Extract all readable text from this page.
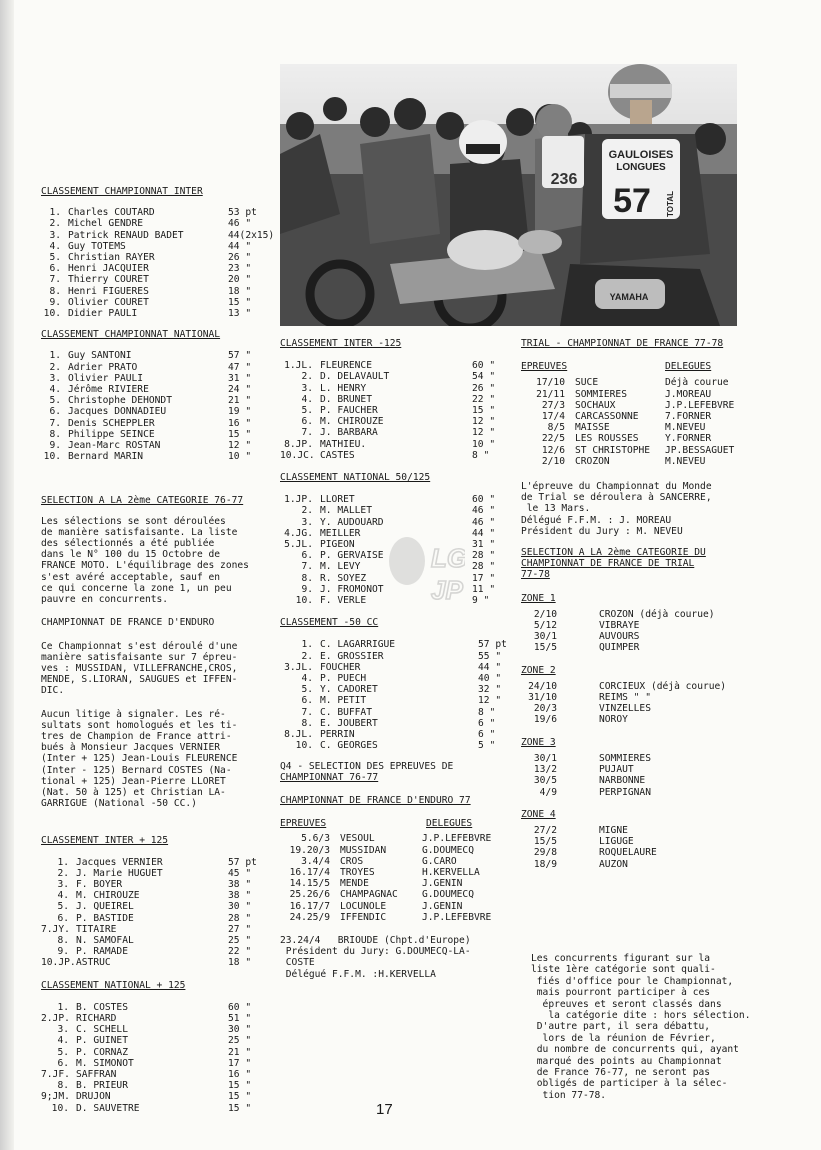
GAULOISES
LONGUES
57 TOTAL
236
YAMAHA
LG
JP
CLASSEMENT CHAMPIONNAT INTER
1. Charles COUTARD	53 pt
2. Michel GENDRE	46 "
3. Patrick RENAUD BADET	44(2x15)
4. Guy TOTEMS	44 "
5. Christian RAYER	26 "
6. Henri JACQUIER	23 "
7. Thierry COURET	20 "
8. Henri FIGUERES	18 "
9. Olivier COURET	15 "
10. Didier PAULI	13 "
CLASSEMENT CHAMPIONNAT NATIONAL
1. Guy SANTONI	57 "
2. Adrier PRATO	47 "
3. Olivier PAULI	31 "
4. Jérôme RIVIERE	24 "
5. Christophe DEHONDT	21 "
6. Jacques DONNADIEU	19 "
7. Denis SCHEPPLER	16 "
8. Philippe SEINCE	15 "
9. Jean-Marc ROSTAN	12 "
10. Bernard MARIN	10 "
SELECTION A LA 2ème CATEGORIE 76-77
Les sélections se sont déroulées
de manière satisfaisante. La liste
des sélectionnés a été publiée
dans le N° 100 du 15 Octobre de
FRANCE MOTO. L'équilibrage des zones
s'est avéré acceptable, sauf en
ce qui concerne la zone 1, un peu
pauvre en concurrents.
CHAMPIONNAT DE FRANCE D'ENDURO
Ce Championnat s'est déroulé d'une
manière satisfaisante sur 7 épreu-
ves : MUSSIDAN, VILLEFRANCHE,CROS,
MENDE, S.LIORAN, SAUGUES et IFFEN-
DIC.
Aucun litige à signaler. Les ré-
sultats sont homologués et les ti-
tres de Champion de France attri-
bués à Monsieur Jacques VERNIER
(Inter + 125) Jean-Louis FLEURENCE
(Inter - 125) Bernard COSTES (Na-
tional + 125) Jean-Pierre LLORET
(Nat. 50 à 125) et Christian LA-
GARRIGUE (National -50 CC.)
CLASSEMENT INTER + 125
1. Jacques VERNIER	57 pt
2. J. Marie HUGUET	45 "
3. F. BOYER	38 "
4. M. CHIROUZE	38 "
5. J. QUEIREL	30 "
6. P. BASTIDE	28 "
7.JY. TITAIRE	27 "
8. N. SAMOFAL	25 "
9. P. RAMADE	22 "
10.JP. ASTRUC	18 "
CLASSEMENT NATIONAL + 125
1. B. COSTES	60 "
2.JP. RICHARD	51 "
3. C. SCHELL	30 "
4. P. GUINET	25 "
5. P. CORNAZ	21 "
6. M. SIMONOT	17 "
7.JF. SAFFRAN	16 "
8. B. PRIEUR	15 "
9;JM. DRUJON	15 "
10. D. SAUVETRE	15 "
CLASSEMENT INTER -125
1.JL. FLEURENCE	60 "
2. D. DELAVAULT	54 "
3. L. HENRY	26 "
4. D. BRUNET	22 "
5. P. FAUCHER	15 "
6. M. CHIROUZE	12 "
7. J. BARBARA	12 "
8.JP. MATHIEU.	10 "
10.JC. CASTES	8 "
CLASSEMENT NATIONAL 50/125
1.JP. LLORET	60 "
2. M. MALLET	46 "
3. Y. AUDOUARD	46 "
4.JG. MEILLER	44 "
5.JL. PIGEON	31 "
6. P. GERVAISE	28 "
7. M. LEVY	28 "
8. R. SOYEZ	17 "
9. J. FROMONOT	11 "
10. F. VERLE	9 "
CLASSEMENT -50 CC
1. C. LAGARRIGUE	57 pt
2. E. GROSSIER	55 "
3.JL. FOUCHER	44 "
4. P. PUECH	40 "
5. Y. CADORET	32 "
6. M. PETIT	12 "
7. C. BUFFAT	8 "
8. E. JOUBERT	6 "
8.JL. PERRIN	6 "
10. C. GEORGES	5 "
Q4 - SELECTION DES EPREUVES DE
CHAMPIONNAT 76-77
CHAMPIONNAT DE FRANCE D'ENDURO 77
EPREUVES	DELEGUES
5.6/3	VESOUL	J.P.LEFEBVRE
19.20/3	MUSSIDAN	G.DOUMECQ
3.4/4	CROS	G.CARO
16.17/4	TROYES	H.KERVELLA
14.15/5	MENDE	J.GENIN
25.26/6	CHAMPAGNAC	G.DOUMECQ
16.17/7	LOCUNOLE	J.GENIN
24.25/9	IFFENDIC	J.P.LEFEBVRE
23.24/4   BRIOUDE (Chpt.d'Europe)
Président du Jury: G.DOUMECQ-LA-
COSTE
Délégué F.F.M. :H.KERVELLA
TRIAL - CHAMPIONNAT DE FRANCE 77-78
EPREUVES	DELEGUES
17/10	SUCE	Déjà courue
21/11	SOMMIERES	J.MOREAU
27/3	SOCHAUX	J.P.LEFEBVRE
17/4	CARCASSONNE	7.FORNER
8/5	MAISSE	M.NEVEU
22/5	LES ROUSSES	Y.FORNER
12/6	ST CHRISTOPHE	JP.BESSAGUET
2/10	CROZON	M.NEVEU
L'épreuve du Championnat du Monde
de Trial se déroulera à SANCERRE,
le 13 Mars.
Délégué F.F.M. : J. MOREAU
Président du Jury : M. NEVEU
SELECTION A LA 2ème CATEGORIE DU
CHAMPIONNAT DE FRANCE DE TRIAL
77-78
ZONE 1
2/10	CROZON (déjà courue)
5/12	VIBRAYE
30/1	AUVOURS
15/5	QUIMPER
ZONE 2
24/10	CORCIEUX (déjà courue)
31/10	REIMS " "
20/3	VINZELLES
19/6	NOROY
ZONE 3
30/1	SOMMIERES
13/2	PUJAUT
30/5	NARBONNE
4/9	PERPIGNAN
ZONE 4
27/2	MIGNE
15/5	LIGUGE
29/8	ROQUELAURE
18/9	AUZON
Les concurrents figurant sur la
liste 1ère catégorie sont quali-
fiés d'office pour le Championnat,
mais pourront participer à ces
épreuves et seront classés dans
la catégorie dite : hors sélection.
D'autre part, il sera débattu,
lors de la réunion de Février,
du nombre de concurrents qui, ayant
marqué des points au Championnat
de France 76-77, ne seront pas
obligés de participer à la sélec-
tion 77-78.
17
